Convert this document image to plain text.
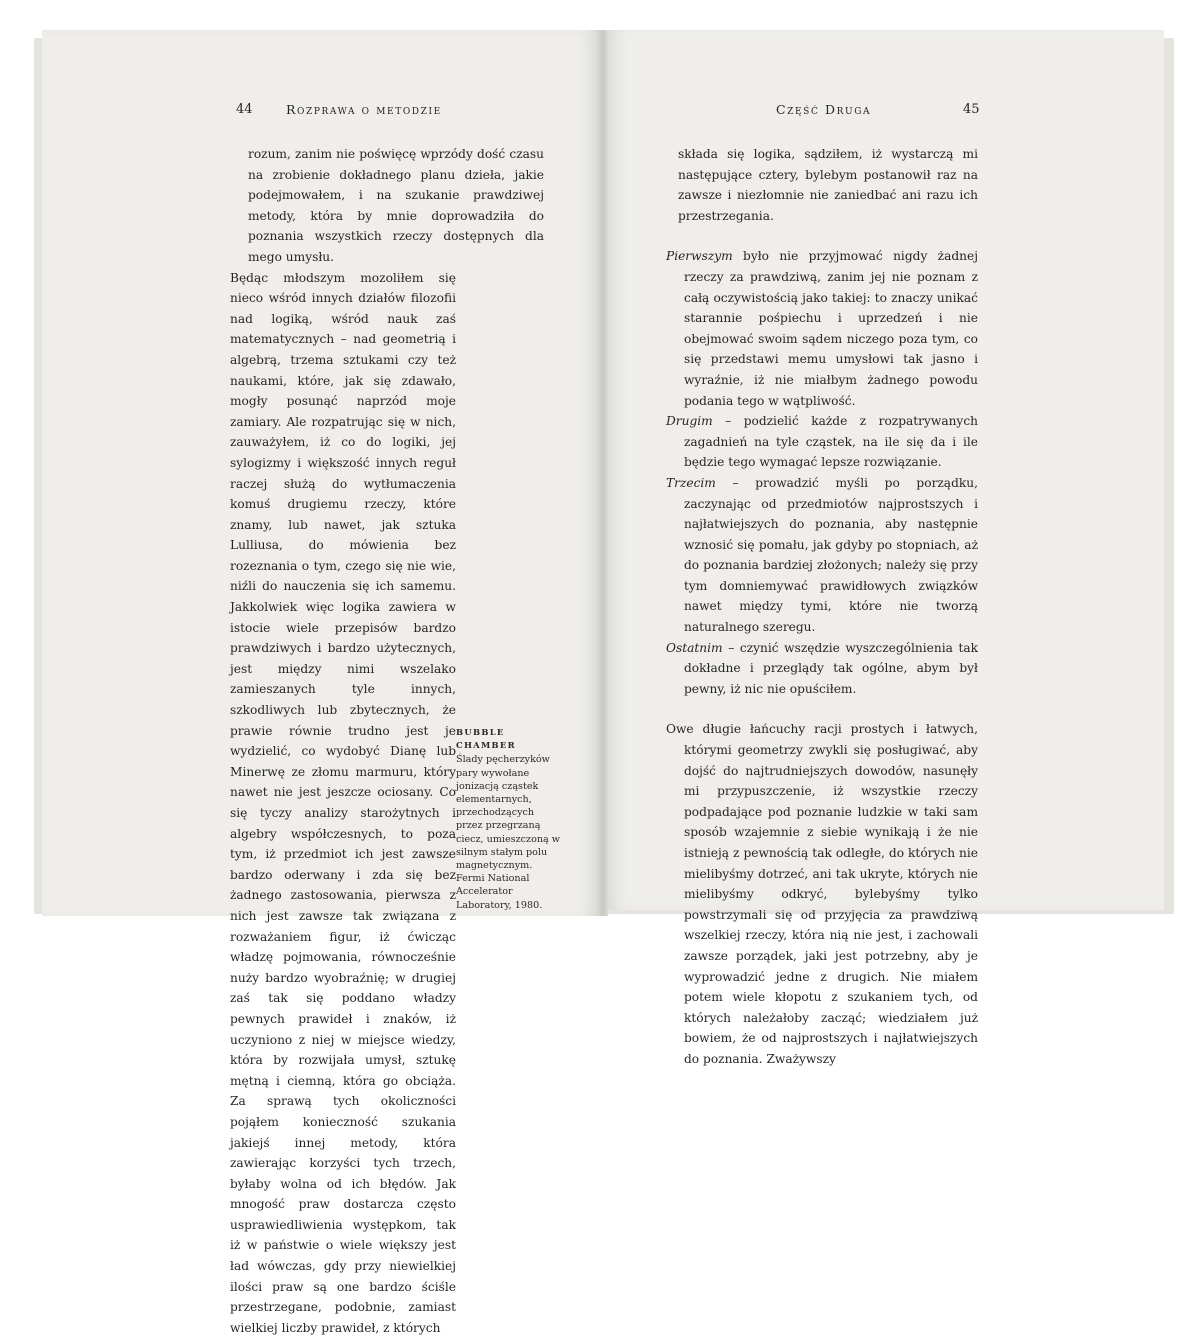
44	Rozprawa o metodzie

rozum, zanim nie poświęcę wprzódy dość czasu na zrobienie dokładnego planu dzieła, jakie podejmowałem, i na szukanie prawdziwej metody, która by mnie doprowadziła do poznania wszystkich rzeczy dostępnych dla mego umysłu.

Będąc młodszym mozoliłem się nieco wśród innych działów filozofii nad logiką, wśród nauk zaś matematycznych – nad geometrią i algebrą, trzema sztukami czy też naukami, które, jak się zdawało, mogły posunąć naprzód moje zamiary. Ale rozpatrując się w nich, zauważyłem, iż co do logiki, jej sylogizmy i większość innych reguł raczej służą do wytłumaczenia komuś drugiemu rzeczy, które znamy, lub nawet, jak sztuka Lulliusa, do mówienia bez rozeznania o tym, czego się nie wie, niźli do nauczenia się ich samemu. Jakkolwiek więc logika zawiera w istocie wiele przepisów bardzo prawdziwych i bardzo użytecznych, jest między nimi wszelako zamieszanych tyle innych, szkodliwych lub zbytecznych, że prawie równie trudno jest je wydzielić, co wydobyć Dianę lub Minerwę ze złomu marmuru, który nawet nie jest jeszcze ociosany. Co się tyczy analizy starożytnych i algebry współczesnych, to poza tym, iż przedmiot ich jest zawsze bardzo oderwany i zda się bez żadnego zastosowania, pierwsza z nich jest zawsze tak związana z rozważaniem figur, iż ćwicząc władzę pojmowania, równocześnie nuży bardzo wyobraźnię; w drugiej zaś tak się poddano władzy pewnych prawideł i znaków, iż uczyniono z niej w miejsce wiedzy, która by rozwijała umysł, sztukę mętną i ciemną, która go obciąża. Za sprawą tych okoliczności pojąłem konieczność szukania jakiejś innej metody, która zawierając korzyści tych trzech, byłaby wolna od ich błędów. Jak mnogość praw dostarcza często usprawiedliwienia występkom, tak iż w państwie o wiele większy jest ład wówczas, gdy przy niewielkiej ilości praw są one bardzo ściśle przestrzegane, podobnie, zamiast wielkiej liczby prawideł, z których

BUBBLE CHAMBER

Ślady pęcherzyków pary wywołane jonizacją cząstek elementarnych, przechodzących przez przegrzaną ciecz, umieszczoną w silnym stałym polu magnetycznym. Fermi National Accelerator Laboratory, 1980.

Część Druga	45

składa się logika, sądziłem, iż wystarczą mi następujące cztery, bylebym postanowił raz na zawsze i niezłomnie nie zaniedbać ani razu ich przestrzegania.

Pierwszym było nie przyjmować nigdy żadnej rzeczy za prawdziwą, zanim jej nie poznam z całą oczywistością jako takiej: to znaczy unikać starannie pośpiechu i uprzedzeń i nie obejmować swoim sądem niczego poza tym, co się przedstawi memu umysłowi tak jasno i wyraźnie, iż nie miałbym żadnego powodu podania tego w wątpliwość.

Drugim – podzielić każde z rozpatrywanych zagadnień na tyle cząstek, na ile się da i ile będzie tego wymagać lepsze rozwiązanie.

Trzecim – prowadzić myśli po porządku, zaczynając od przedmiotów najprostszych i najłatwiejszych do poznania, aby następnie wznosić się pomału, jak gdyby po stopniach, aż do poznania bardziej złożonych; należy się przy tym domniemywać prawidłowych związków nawet między tymi, które nie tworzą naturalnego szeregu.

Ostatnim – czynić wszędzie wyszczególnienia tak dokładne i przeglądy tak ogólne, abym był pewny, iż nic nie opuściłem.

Owe długie łańcuchy racji prostych i łatwych, którymi geometrzy zwykli się posługiwać, aby dojść do najtrudniejszych dowodów, nasunęły mi przypuszczenie, iż wszystkie rzeczy podpadające pod poznanie ludzkie w taki sam sposób wzajemnie z siebie wynikają i że nie istnieją z pewnością tak odległe, do których nie mielibyśmy dotrzeć, ani tak ukryte, których nie mielibyśmy odkryć, bylebyśmy tylko powstrzymali się od przyjęcia za prawdziwą wszelkiej rzeczy, która nią nie jest, i zachowali zawsze porządek, jaki jest potrzebny, aby je wyprowadzić jedne z drugich. Nie miałem potem wiele kłopotu z szukaniem tych, od których należałoby zacząć; wiedziałem już bowiem, że od najprostszych i najłatwiejszych do poznania. Zważywszy
